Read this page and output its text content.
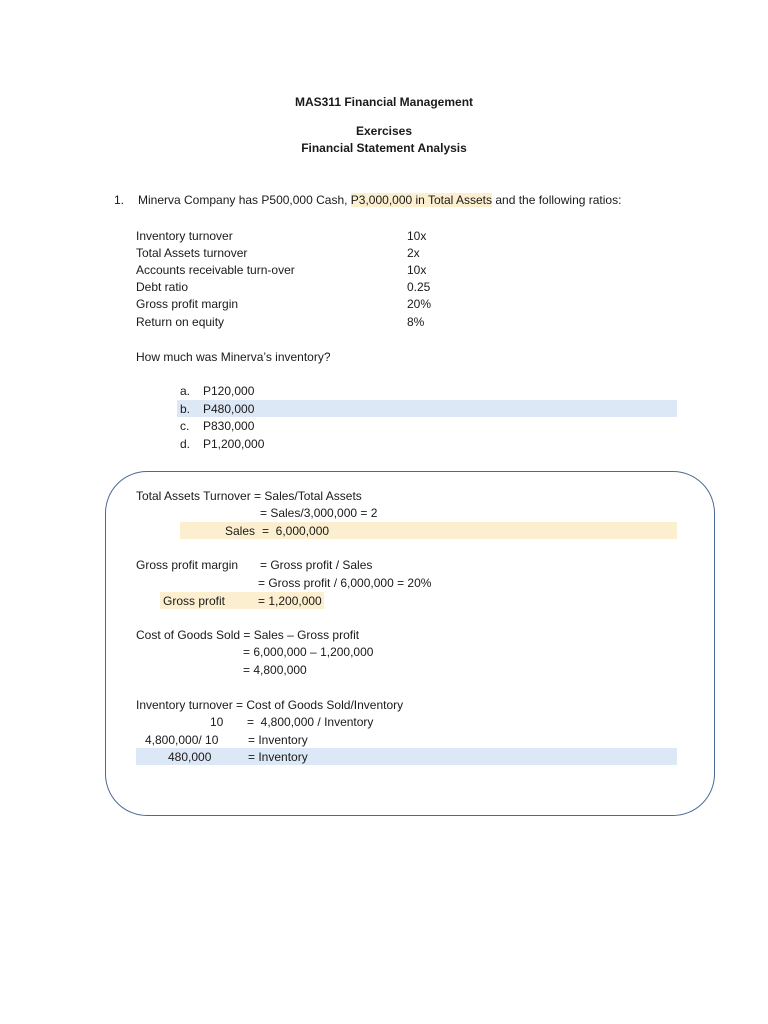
MAS311 Financial Management
Exercises
Financial Statement Analysis
1. Minerva Company has P500,000 Cash, P3,000,000 in Total Assets and the following ratios:
Inventory turnover	10x
Total Assets turnover	2x
Accounts receivable turn-over	10x
Debt ratio	0.25
Gross profit margin	20%
Return on equity	8%
How much was Minerva’s inventory?
a. P120,000
b. P480,000
c. P830,000
d. P1,200,000
Total Assets Turnover = Sales/Total Assets
= Sales/3,000,000 = 2
Sales =  6,000,000
Gross profit margin = Gross profit / Sales
= Gross profit / 6,000,000 = 20%
Gross profit	= 1,200,000
Cost of Goods Sold = Sales – Gross profit
= 6,000,000 – 1,200,000
= 4,800,000
Inventory turnover = Cost of Goods Sold/Inventory
10 =  4,800,000 / Inventory
4,800,000/ 10 = Inventory
480,000	= Inventory
